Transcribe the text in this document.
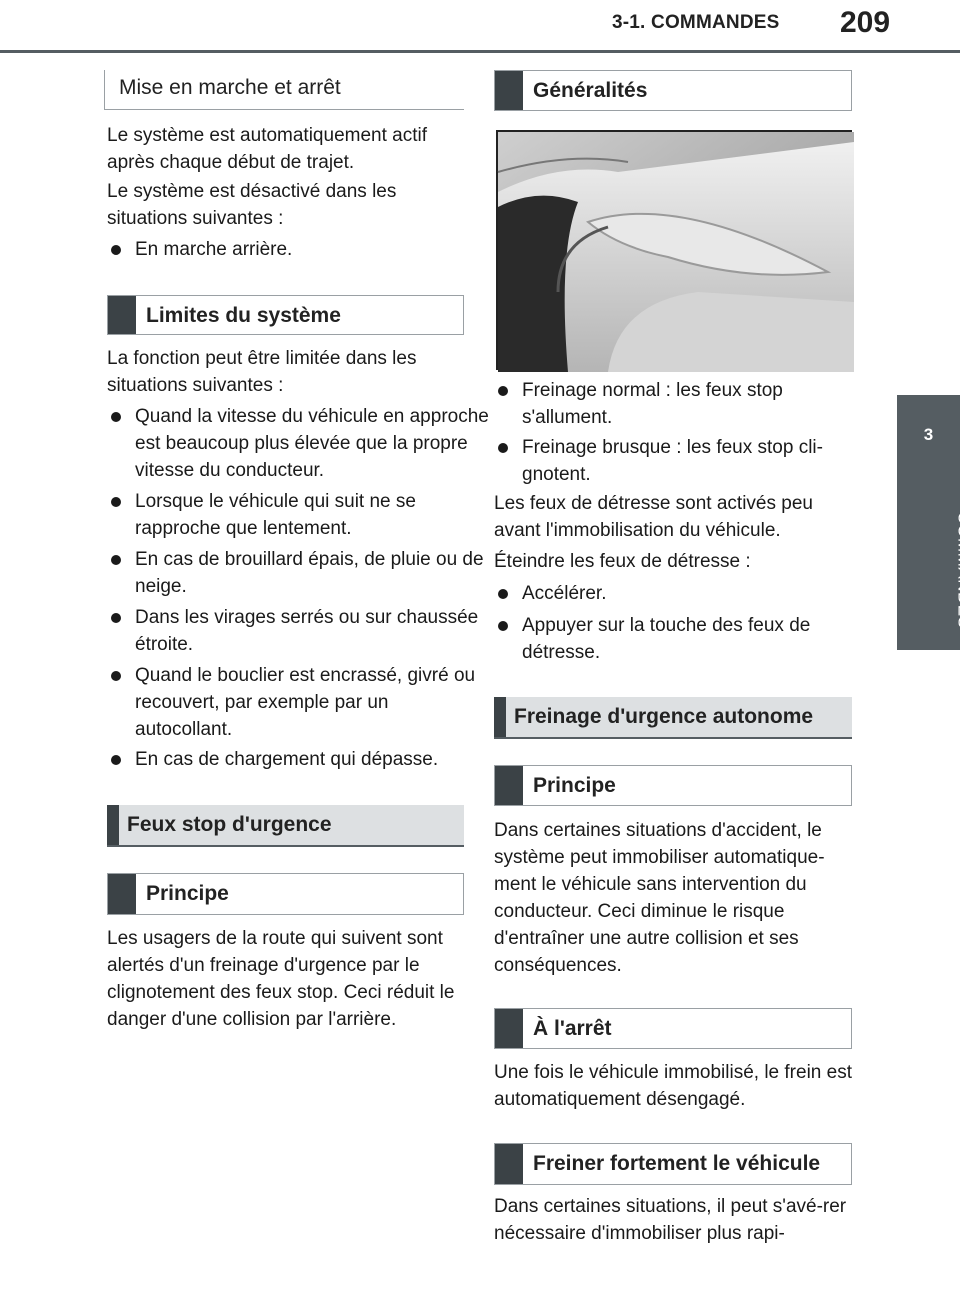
3-1. COMMANDES 209
3
COMMANDES
Mise en marche et arrêt
Le système est automatiquement actif après chaque début de trajet.
Le système est désactivé dans les situations suivantes :
En marche arrière.
Limites du système
La fonction peut être limitée dans les situations suivantes :
Quand la vitesse du véhicule en approche est beaucoup plus élevée que la propre vitesse du conducteur.
Lorsque le véhicule qui suit ne se rapproche que lentement.
En cas de brouillard épais, de pluie ou de neige.
Dans les virages serrés ou sur chaussée étroite.
Quand le bouclier est encrassé, givré ou recouvert, par exemple par un autocollant.
En cas de chargement qui dépasse.
Feux stop d'urgence
Principe
Les usagers de la route qui suivent sont alertés d'un freinage d'urgence par le clignotement des feux stop. Ceci réduit le danger d'une collision par l'arrière.
Généralités
Freinage normal : les feux stop s'allument.
Freinage brusque : les feux stop cli-gnotent.
Les feux de détresse sont activés peu avant l'immobilisation du véhicule.
Éteindre les feux de détresse :
Accélérer.
Appuyer sur la touche des feux de détresse.
Freinage d'urgence autonome
Principe
Dans certaines situations d'accident, le système peut immobiliser automatique-ment le véhicule sans intervention du conducteur. Ceci diminue le risque d'entraîner une autre collision et ses conséquences.
À l'arrêt
Une fois le véhicule immobilisé, le frein est automatiquement désengagé.
Freiner fortement le véhicule
Dans certaines situations, il peut s'avé-rer nécessaire d'immobiliser plus rapi-
